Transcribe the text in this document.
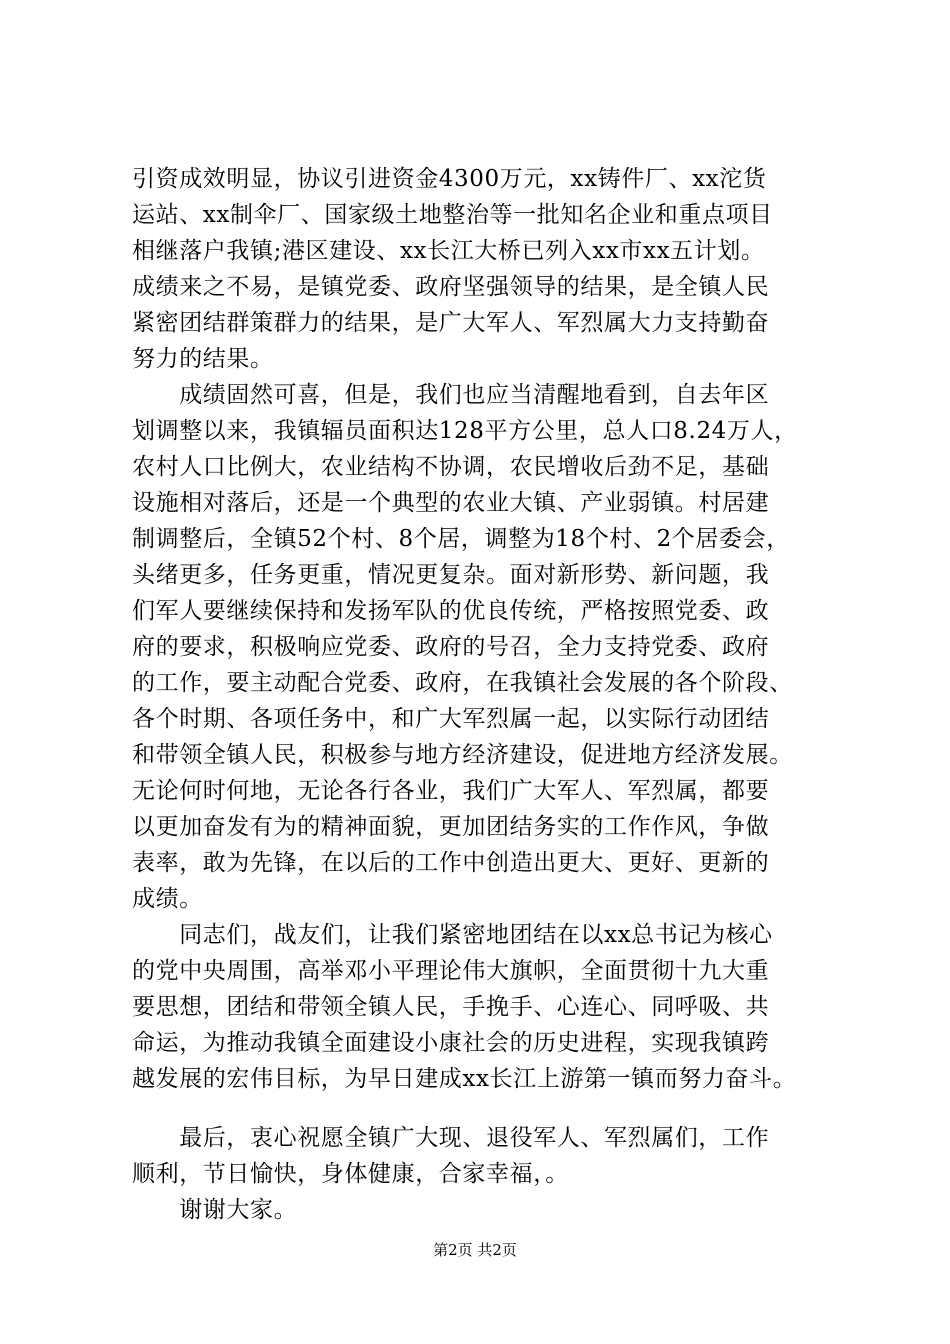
引资成效明显，协议引进资金4300万元，xx铸件厂、xx沱货
运站、xx制伞厂、国家级土地整治等一批知名企业和重点项目
相继落户我镇;港区建设、xx长江大桥已列入xx市xx五计划。
成绩来之不易，是镇党委、政府坚强领导的结果，是全镇人民
紧密团结群策群力的结果，是广大军人、军烈属大力支持勤奋
努力的结果。
　　成绩固然可喜，但是，我们也应当清醒地看到，自去年区
划调整以来，我镇辐员面积达128平方公里，总人口8.24万人，
农村人口比例大，农业结构不协调，农民增收后劲不足，基础
设施相对落后，还是一个典型的农业大镇、产业弱镇。村居建
制调整后，全镇52个村、8个居，调整为18个村、2个居委会，
头绪更多，任务更重，情况更复杂。面对新形势、新问题，我
们军人要继续保持和发扬军队的优良传统，严格按照党委、政
府的要求，积极响应党委、政府的号召，全力支持党委、政府
的工作，要主动配合党委、政府，在我镇社会发展的各个阶段、
各个时期、各项任务中，和广大军烈属一起，以实际行动团结
和带领全镇人民，积极参与地方经济建设，促进地方经济发展。
无论何时何地，无论各行各业，我们广大军人、军烈属，都要
以更加奋发有为的精神面貌，更加团结务实的工作作风，争做
表率，敢为先锋，在以后的工作中创造出更大、更好、更新的
成绩。
　　同志们，战友们，让我们紧密地团结在以xx总书记为核心
的党中央周围，高举邓小平理论伟大旗帜，全面贯彻十九大重
要思想，团结和带领全镇人民，手挽手、心连心、同呼吸、共
命运，为推动我镇全面建设小康社会的历史进程，实现我镇跨
越发展的宏伟目标，为早日建成xx长江上游第一镇而努力奋斗。
　　最后，衷心祝愿全镇广大现、退役军人、军烈属们，工作
顺利，节日愉快，身体健康，合家幸福，。
　　谢谢大家。
第2页 共2页
